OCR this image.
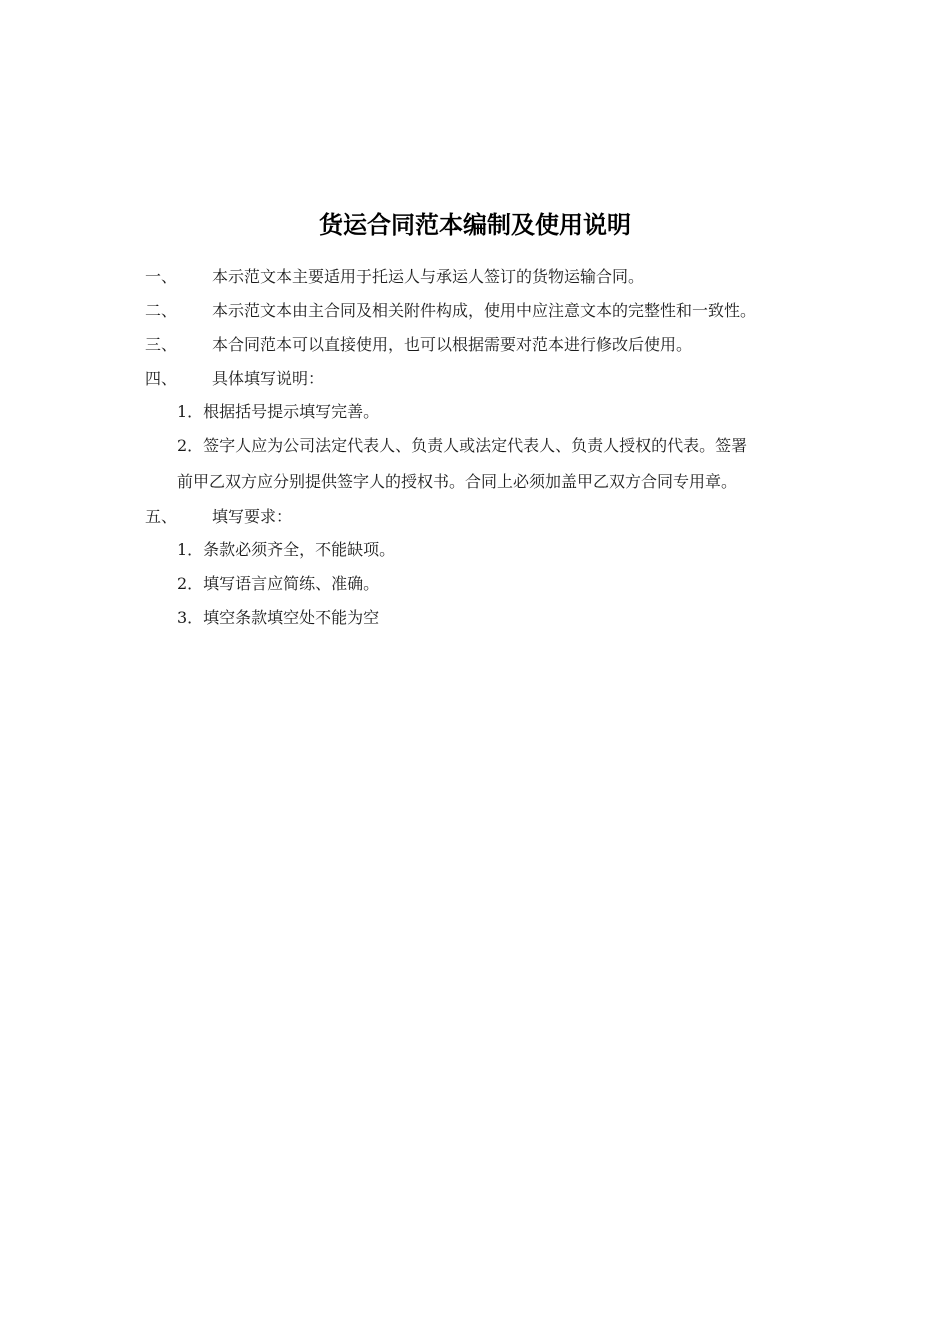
货运合同范本编制及使用说明
一、 本示范文本主要适用于托运人与承运人签订的货物运输合同。
二、 本示范文本由主合同及相关附件构成，使用中应注意文本的完整性和一致性。
三、 本合同范本可以直接使用，也可以根据需要对范本进行修改后使用。
四、 具体填写说明：
1．根据括号提示填写完善。
2．签字人应为公司法定代表人、负责人或法定代表人、负责人授权的代表。签署
前甲乙双方应分别提供签字人的授权书。合同上必须加盖甲乙双方合同专用章。
五、 填写要求：
1．条款必须齐全，不能缺项。
2．填写语言应简练、准确。
3．填空条款填空处不能为空
